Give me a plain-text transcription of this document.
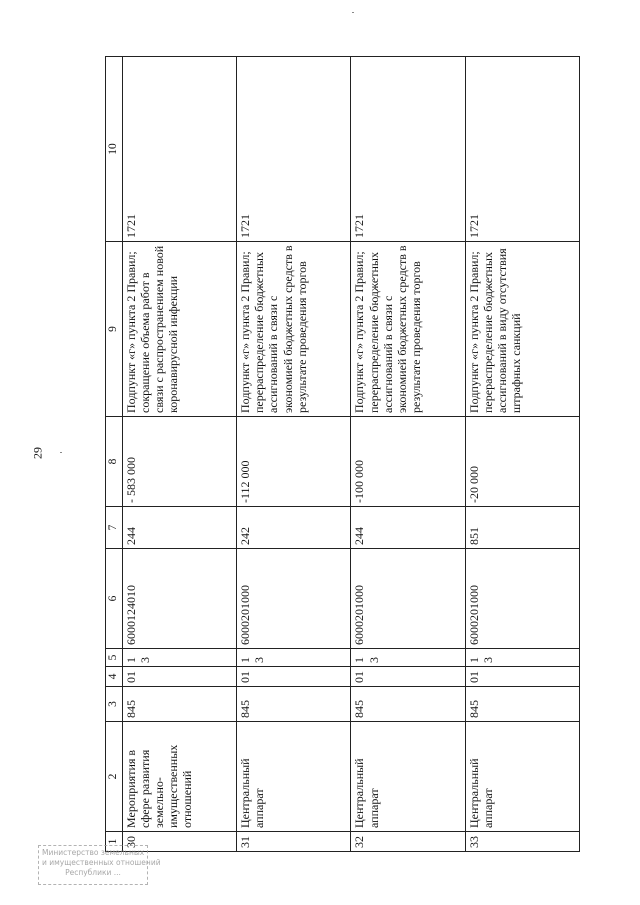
29
1	2	3	4	5	6	7	8	9	10
30	Мероприятия в сфере развития земельно-имущественных отношений	845	01	13	6000124010	244	- 583 000	Подпункт «г» пункта 2 Правил; сокращение объема работ в связи с распространением новой коронавирусной инфекции	1721
31	Центральный аппарат	845	01	13	6000201000	242	-112 000	Подпункт «г» пункта 2 Правил; перераспределение бюджетных ассигнований в связи с экономией бюджетных средств в результате проведения торгов	1721
32	Центральный аппарат	845	01	13	6000201000	244	-100 000	Подпункт «г» пункта 2 Правил; перераспределение бюджетных ассигнований в связи с экономией бюджетных средств в результате проведения торгов	1721
33	Центральный аппарат	845	01	13	6000201000	851	-20 000	Подпункт «г» пункта 2 Правил; перераспределение бюджетных ассигнований в виду отсутствия штрафных санкций	1721
Министерство земельных
и имущественных отношений
Республики ...
